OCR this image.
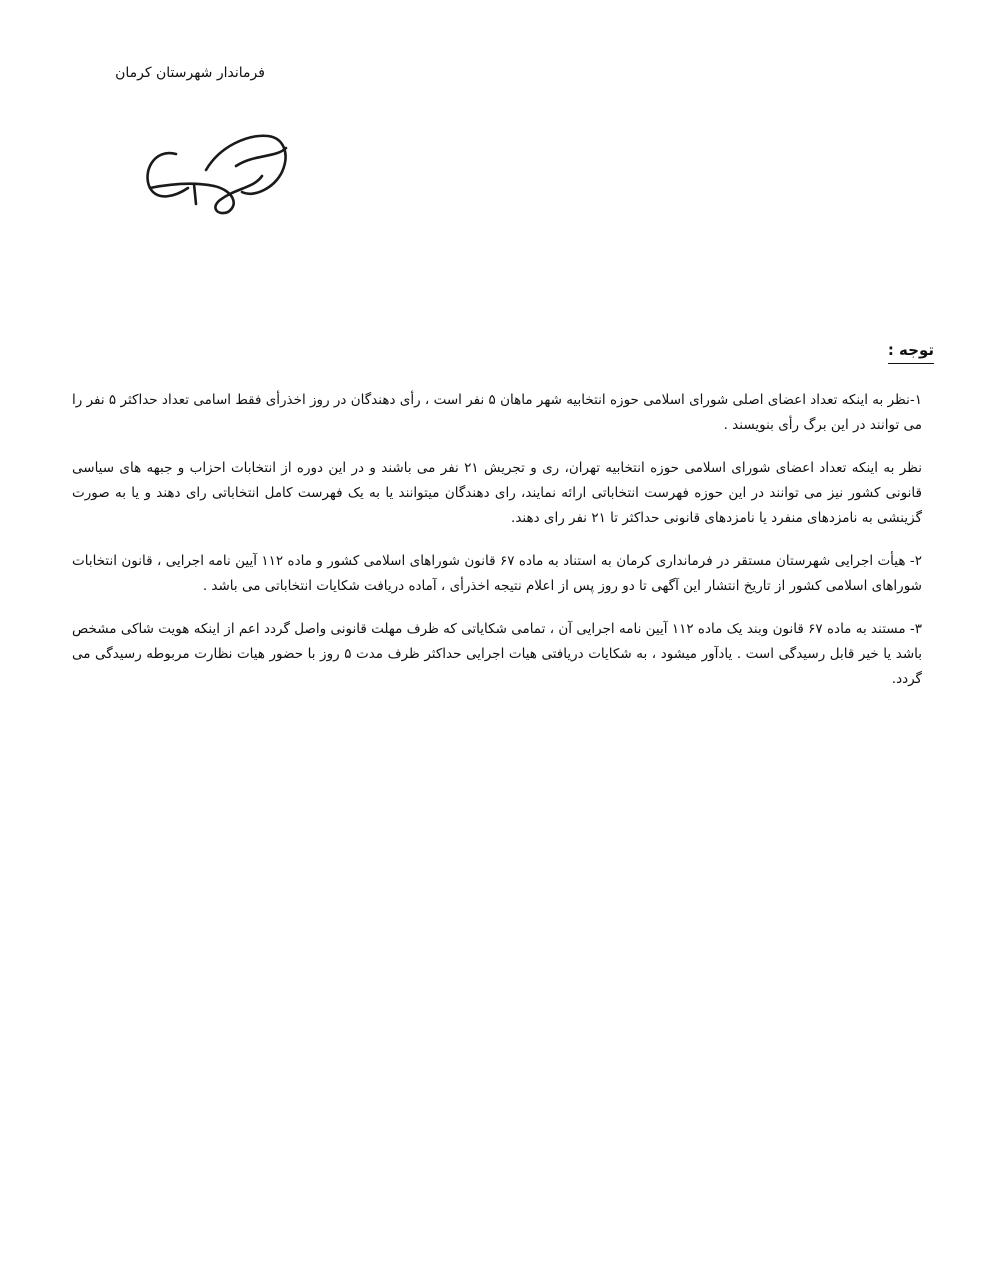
فرماندار شهرستان کرمان
توجه :

۱-نظر به اینکه تعداد اعضای اصلی شورای اسلامی حوزه انتخابیه شهر ماهان ۵ نفر است ، رأی دهندگان در روز اخذرأی فقط اسامی تعداد حداکثر ۵ نفر را می توانند در این برگ رأی بنویسند .

نظر به اینکه تعداد اعضای شورای اسلامی حوزه انتخابیه تهران، ری و تجریش ۲۱ نفر می باشند و در این دوره از انتخابات احزاب و جبهه های سیاسی قانونی کشور نیز می توانند در این حوزه فهرست انتخاباتی ارائه نمایند، رای دهندگان میتوانند یا به یک فهرست کامل انتخاباتی رای دهند و یا به صورت گزینشی به نامزدهای منفرد یا نامزدهای قانونی حداکثر تا ۲۱ نفر رای دهند.

۲- هیأت اجرایی شهرستان مستقر در فرمانداری کرمان به استناد به ماده ۶۷ قانون شوراهای اسلامی کشور و ماده ۱۱۲ آیین نامه اجرایی ، قانون انتخابات شوراهای اسلامی کشور از تاریخ انتشار این آگهی تا دو روز پس از اعلام نتیجه اخذرأی ، آماده دریافت شکایات انتخاباتی می باشد .

۳- مستند به ماده ۶۷ قانون وبند یک ماده ۱۱۲ آیین نامه اجرایی آن ، تمامی شکایاتی که ظرف مهلت قانونی واصل گردد اعم از اینکه هویت شاکی مشخص باشد یا خیر قابل رسیدگی است . یادآور میشود ، به شکایات دریافتی هیات اجرایی حداکثر ظرف مدت ۵ روز با حضور هیات نظارت مربوطه رسیدگی می گردد.
